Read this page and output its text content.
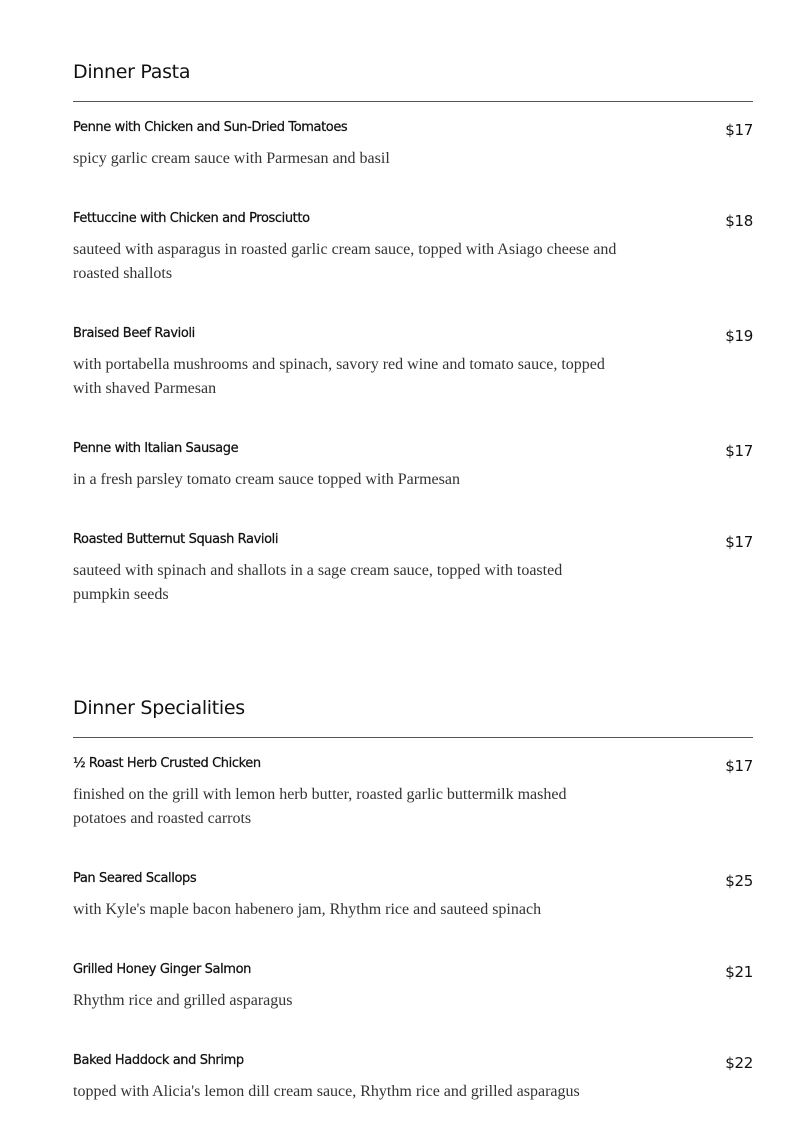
Dinner Pasta
Penne with Chicken and Sun-Dried Tomatoes	$17
spicy garlic cream sauce with Parmesan and basil
Fettuccine with Chicken and Prosciutto	$18
sauteed with asparagus in roasted garlic cream sauce, topped with Asiago cheese and roasted shallots
Braised Beef Ravioli	$19
with portabella mushrooms and spinach, savory red wine and tomato sauce, topped with shaved Parmesan
Penne with Italian Sausage	$17
in a fresh parsley tomato cream sauce topped with Parmesan
Roasted Butternut Squash Ravioli	$17
sauteed with spinach and shallots in a sage cream sauce, topped with toasted pumpkin seeds
Dinner Specialities
½ Roast Herb Crusted Chicken	$17
finished on the grill with lemon herb butter, roasted garlic buttermilk mashed potatoes and roasted carrots
Pan Seared Scallops	$25
with Kyle's maple bacon habenero jam, Rhythm rice and sauteed spinach
Grilled Honey Ginger Salmon	$21
Rhythm rice and grilled asparagus
Baked Haddock and Shrimp	$22
topped with Alicia's lemon dill cream sauce, Rhythm rice and grilled asparagus
